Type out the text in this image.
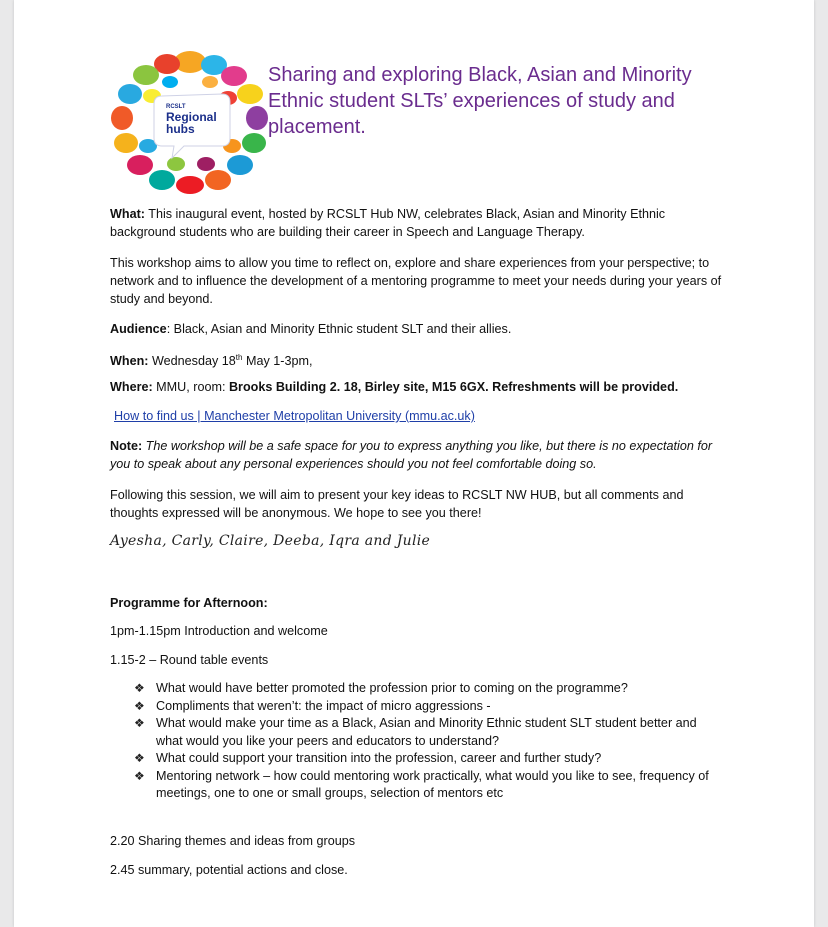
RCSLT
Regional
hubs
Sharing and exploring Black, Asian and Minority Ethnic student SLTs’ experiences of study and placement.
What: This inaugural event, hosted by RCSLT Hub NW, celebrates Black, Asian and Minority Ethnic background students who are building their career in Speech and Language Therapy.
This workshop aims to allow you time to reflect on, explore and share experiences from your perspective; to network and to influence the development of a mentoring programme to meet your needs during your years of study and beyond.
Audience: Black, Asian and Minority Ethnic student SLT and their allies.
When: Wednesday 18th May 1-3pm,
Where: MMU, room: Brooks Building 2. 18, Birley site, M15 6GX. Refreshments will be provided.
How to find us | Manchester Metropolitan University (mmu.ac.uk)
Note: The workshop will be a safe space for you to express anything you like, but there is no expectation for you to speak about any personal experiences should you not feel comfortable doing so.
Following this session, we will aim to present your key ideas to RCSLT NW HUB, but all comments and thoughts expressed will be anonymous. We hope to see you there!
Ayesha, Carly, Claire, Deeba, Iqra and Julie
Programme for Afternoon:
1pm-1.15pm Introduction and welcome
1.15-2 – Round table events
❖ What would have better promoted the profession prior to coming on the programme?
❖ Compliments that weren’t: the impact of micro aggressions -
❖ What would make your time as a Black, Asian and Minority Ethnic student SLT student better and what would you like your peers and educators to understand?
❖ What could support your transition into the profession, career and further study?
❖ Mentoring network – how could mentoring work practically, what would you like to see, frequency of meetings, one to one or small groups, selection of mentors etc
2.20 Sharing themes and ideas from groups
2.45 summary, potential actions and close.
